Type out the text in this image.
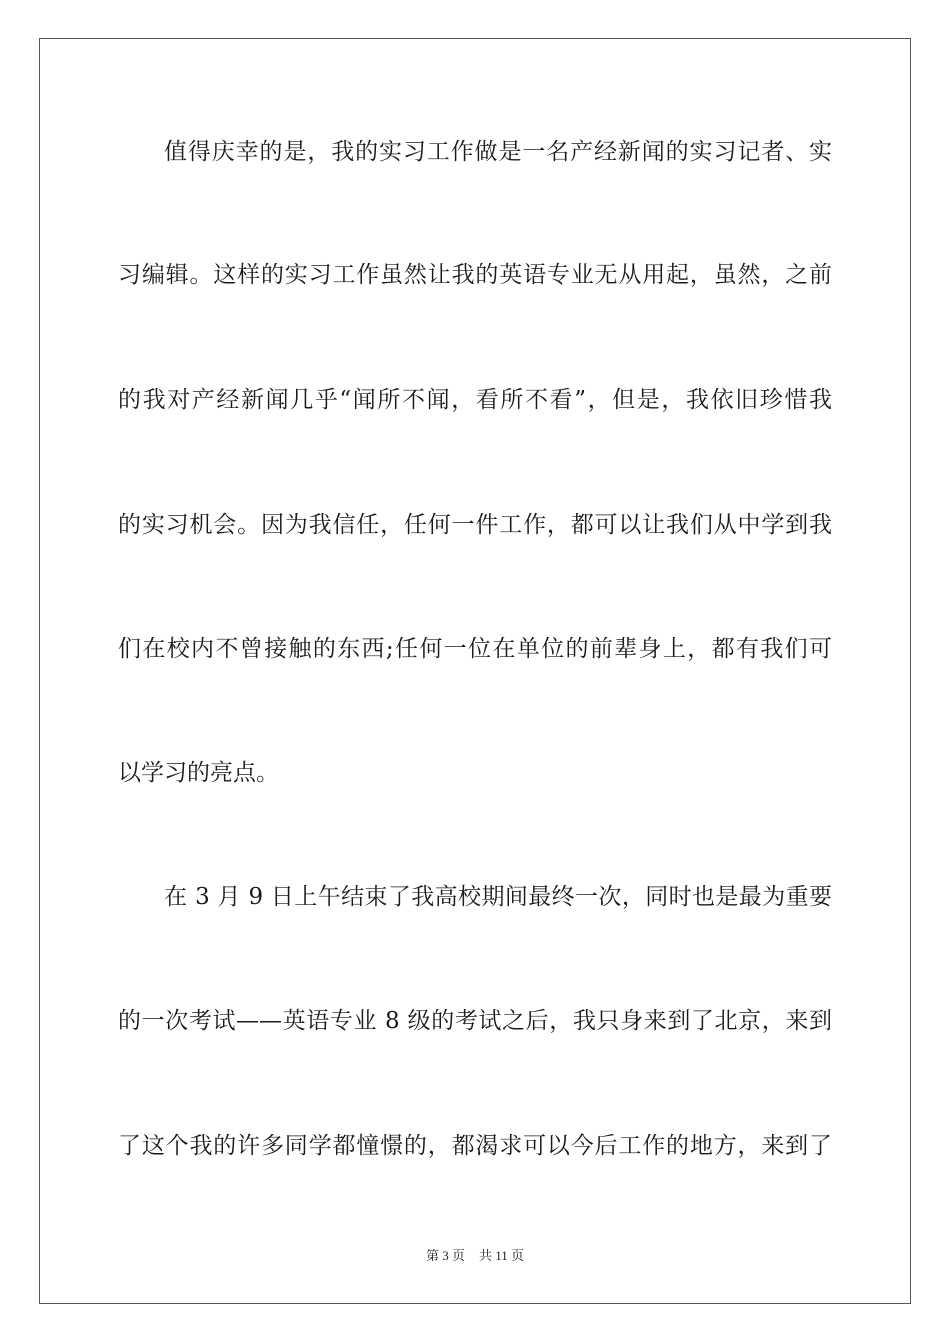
值得庆幸的是，我的实习工作做是一名产经新闻的实习记者、实
习编辑。这样的实习工作虽然让我的英语专业无从用起，虽然，之前
的我对产经新闻几乎“闻所不闻，看所不看”，但是，我依旧珍惜我
的实习机会。因为我信任，任何一件工作，都可以让我们从中学到我
们在校内不曾接触的东西;任何一位在单位的前辈身上，都有我们可
以学习的亮点。
在 3 月 9 日上午结束了我高校期间最终一次，同时也是最为重要
的一次考试——英语专业 8 级的考试之后，我只身来到了北京，来到
了这个我的许多同学都憧憬的，都渴求可以今后工作的地方，来到了
第 3 页 共 11 页
